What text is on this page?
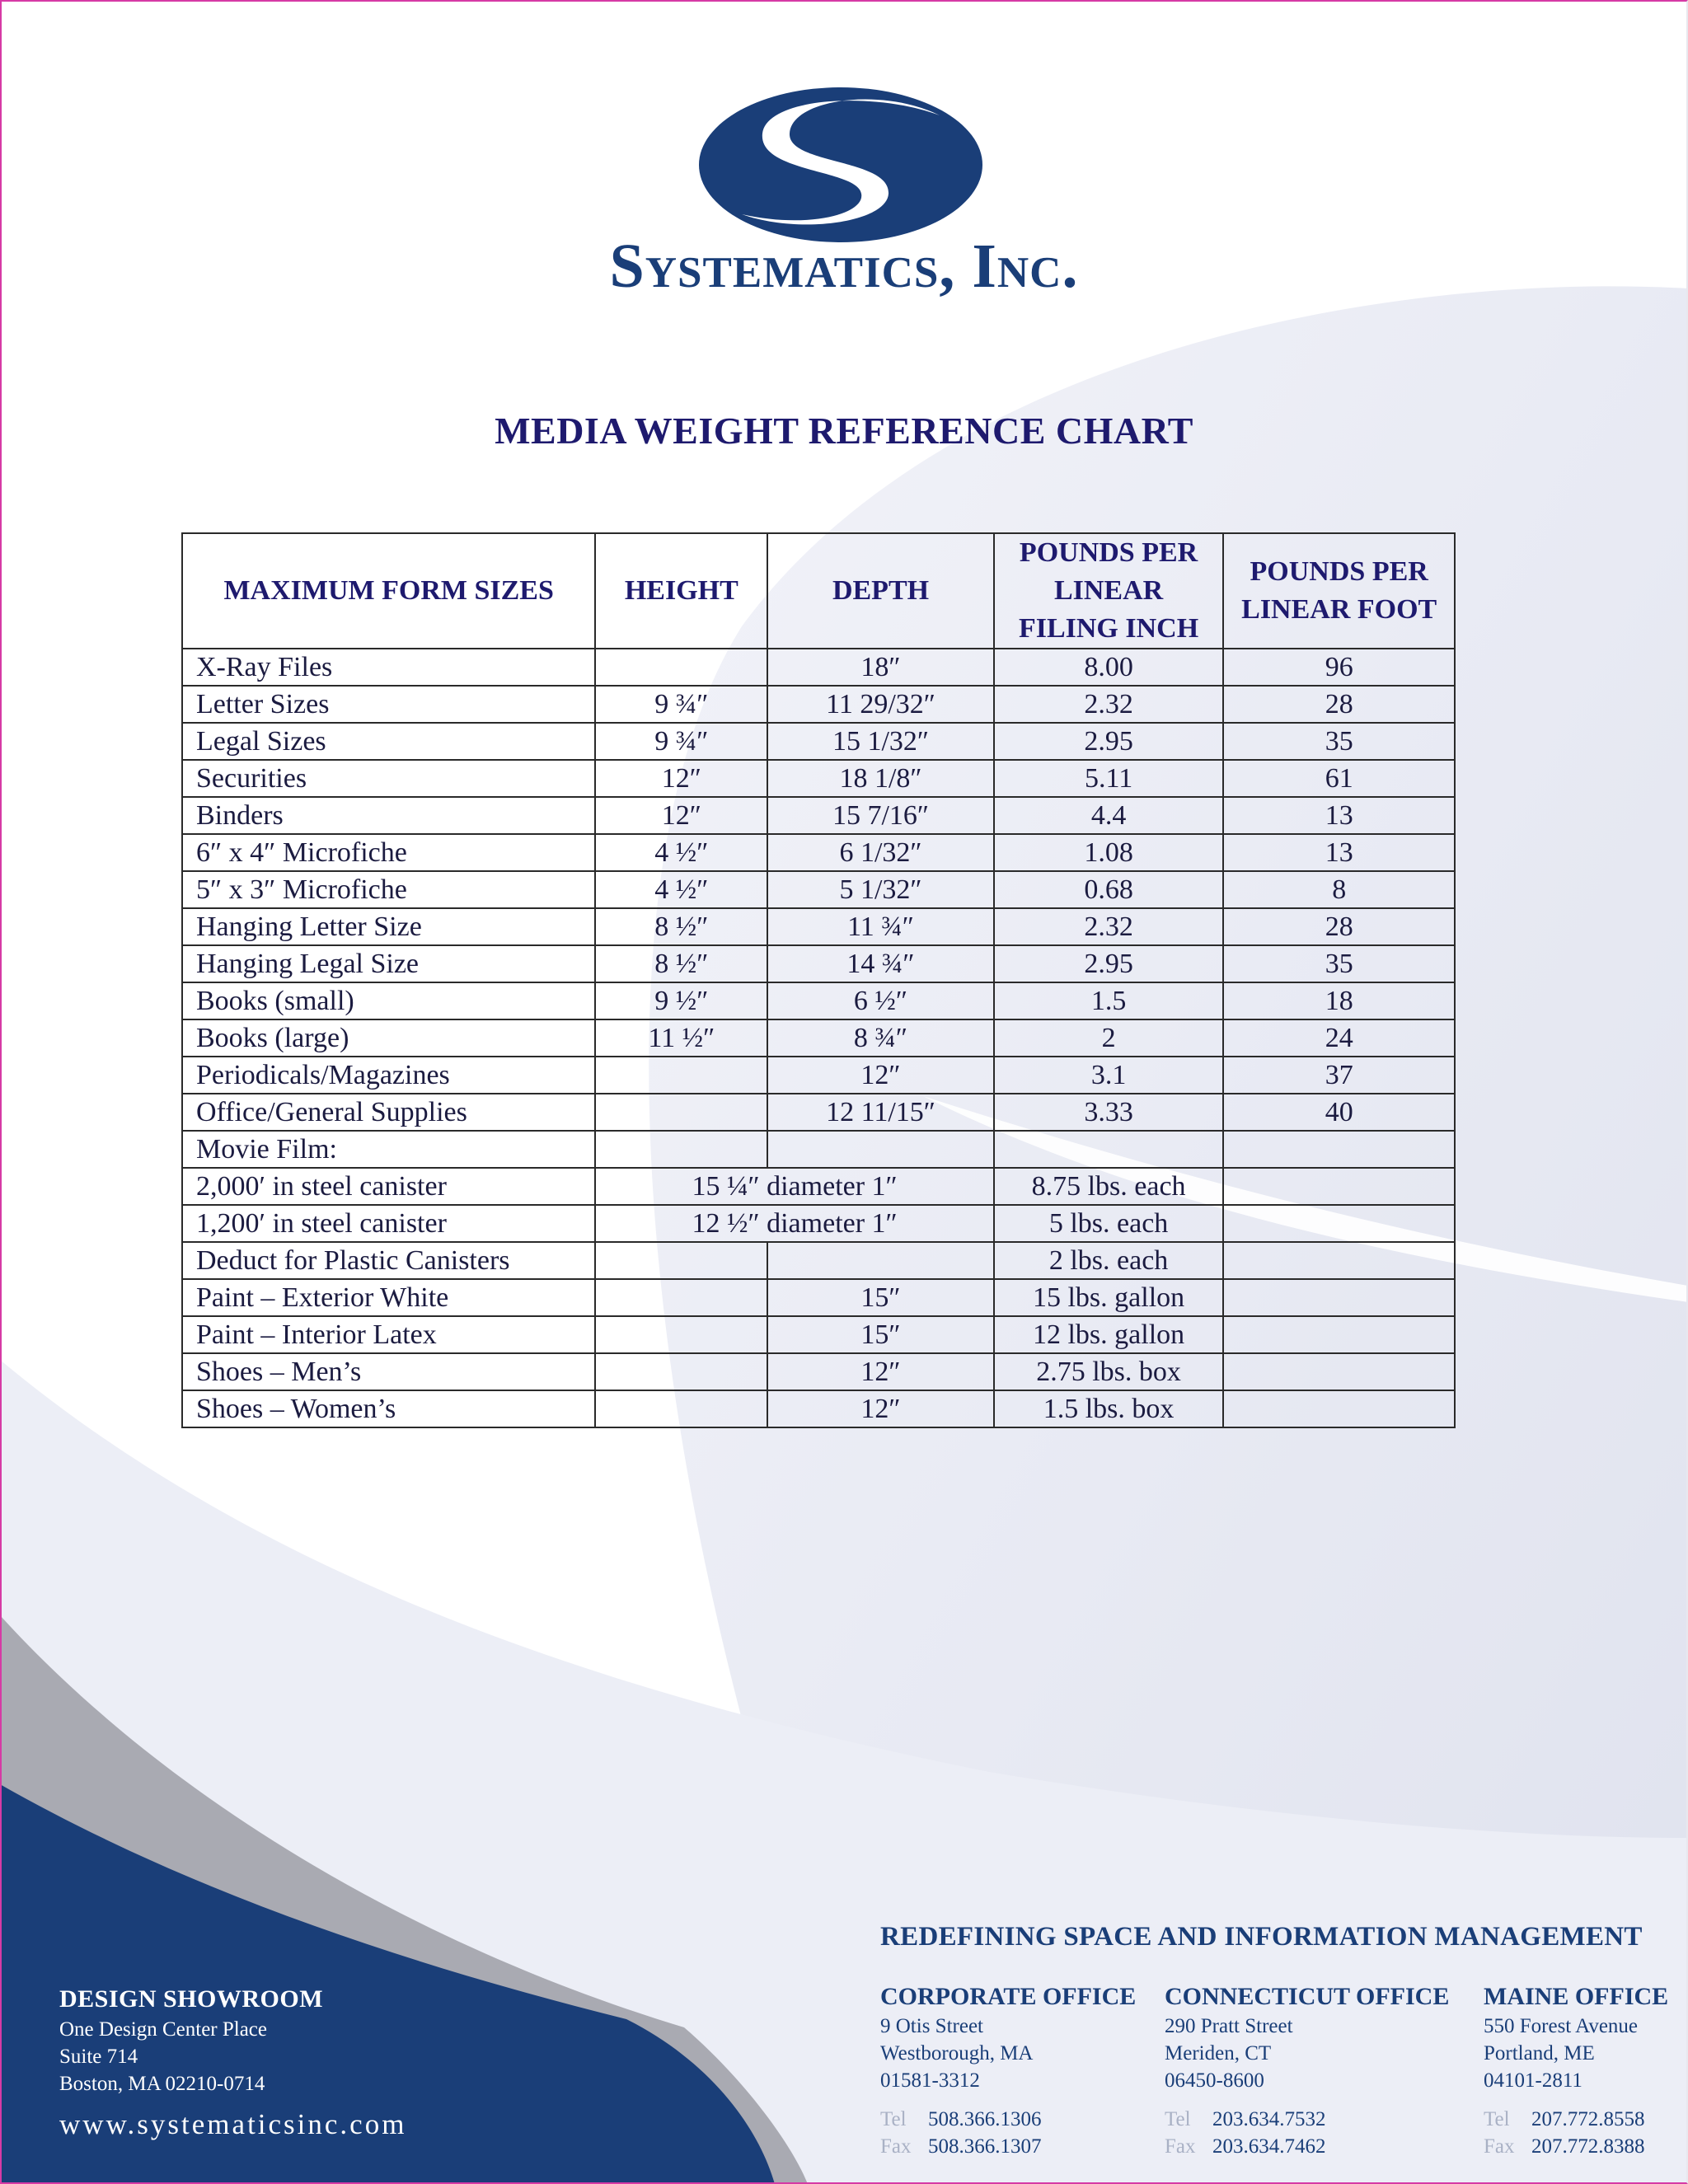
Systematics, Inc.
MEDIA WEIGHT REFERENCE CHART
MAXIMUM FORM SIZES	HEIGHT	DEPTH	POUNDS PER LINEAR FILING INCH	POUNDS PER LINEAR FOOT
X-Ray Files		18″	8.00	96
Letter Sizes	9 ¾″	11 29/32″	2.32	28
Legal Sizes	9 ¾″	15 1/32″	2.95	35
Securities	12″	18 1/8″	5.11	61
Binders	12″	15 7/16″	4.4	13
6″ x 4″ Microfiche	4 ½″	6 1/32″	1.08	13
5″ x 3″ Microfiche	4 ½″	5 1/32″	0.68	8
Hanging Letter Size	8 ½″	11 ¾″	2.32	28
Hanging Legal Size	8 ½″	14 ¾″	2.95	35
Books (small)	9 ½″	6 ½″	1.5	18
Books (large)	11 ½″	8 ¾″	2	24
Periodicals/Magazines		12″	3.1	37
Office/General Supplies		12 11/15″	3.33	40
Movie Film:				
2,000′ in steel canister	15 ¼″ diameter 1″		8.75 lbs. each	
1,200′ in steel canister	12 ½″ diameter 1″		5 lbs. each	
Deduct for Plastic Canisters			2 lbs. each	
Paint – Exterior White		15″	15 lbs. gallon	
Paint – Interior Latex		15″	12 lbs. gallon	
Shoes – Men’s		12″	2.75 lbs. box	
Shoes – Women’s		12″	1.5 lbs. box	
REDEFINING SPACE AND INFORMATION MANAGEMENT
DESIGN SHOWROOM
One Design Center Place
Suite 714
Boston, MA 02210-0714
www.systematicsinc.com
CORPORATE OFFICE
9 Otis Street
Westborough, MA
01581-3312
Tel 508.366.1306
Fax 508.366.1307
CONNECTICUT OFFICE
290 Pratt Street
Meriden, CT
06450-8600
Tel 203.634.7532
Fax 203.634.7462
MAINE OFFICE
550 Forest Avenue
Portland, ME
04101-2811
Tel 207.772.8558
Fax 207.772.8388
